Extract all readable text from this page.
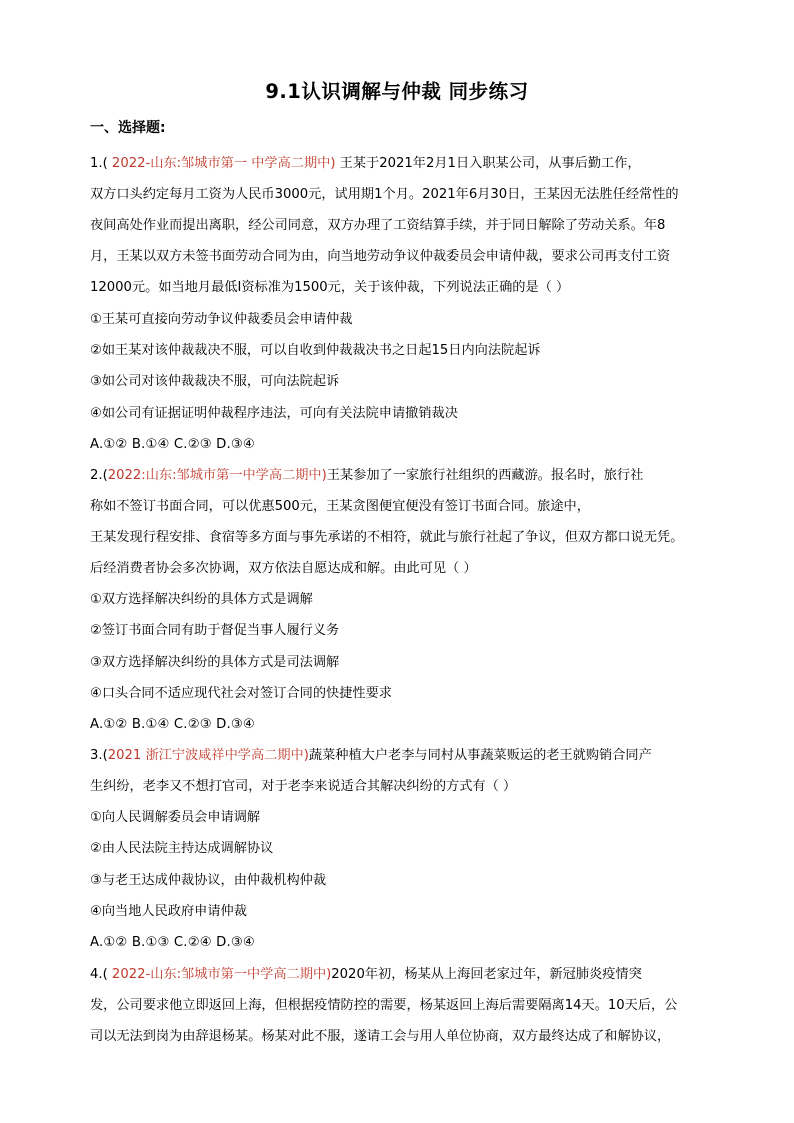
9.1认识调解与仲裁 同步练习
一、选择题:
1.( 2022-山东:邹城市第一 中学高二期中) 王某于2021年2月1日入职某公司，从事后勤工作，
双方口头约定每月工资为人民币3000元，试用期1个月。2021年6月30日，王某因无法胜任经常性的
夜间高处作业而提出离职，经公司同意，双方办理了工资结算手续，并于同日解除了劳动关系。年8
月，王某以双方未签书面劳动合同为由，向当地劳动争议仲裁委员会申请仲裁，要求公司再支付工资
12000元。如当地月最低I资标准为1500元，关于该仲裁，下列说法正确的是（ ）
①王某可直接向劳动争议仲裁委员会申请仲裁
②如王某对该仲裁裁决不服，可以自收到仲裁裁决书之日起15日内向法院起诉
③如公司对该仲裁裁决不服，可向法院起诉
④如公司有证据证明仲裁程序违法，可向有关法院申请撤销裁决
A.①② B.①④ C.②③ D.③④
2.(2022:山东:邹城市第一中学高二期中)王某参加了一家旅行社组织的西藏游。报名时，旅行社
称如不签订书面合同，可以优惠500元，王某贪图便宜便没有签订书面合同。旅途中，
王某发现行程安排、食宿等多方面与事先承诺的不相符，就此与旅行社起了争议，但双方都口说无凭。
后经消费者协会多次协调，双方依法自愿达成和解。由此可见（ ）
①双方选择解决纠纷的具体方式是调解
②签订书面合同有助于督促当事人履行义务
③双方选择解决纠纷的具体方式是司法调解
④口头合同不适应现代社会对签订合同的快捷性要求
A.①② B.①④ C.②③ D.③④
3.(2021 浙江宁波咸祥中学高二期中)蔬菜种植大户老李与同村从事蔬菜贩运的老王就购销合同产
生纠纷，老李又不想打官司，对于老李来说适合其解决纠纷的方式有（ ）
①向人民调解委员会申请调解
②由人民法院主持达成调解协议
③与老王达成仲裁协议，由仲裁机构仲裁
④向当地人民政府申请仲裁
A.①② B.①③ C.②④ D.③④
4.( 2022-山东:邹城市第一中学高二期中)2020年初，杨某从上海回老家过年，新冠肺炎疫情突
发，公司要求他立即返回上海，但根据疫情防控的需要，杨某返回上海后需要隔离14天。10天后，公
司以无法到岗为由辞退杨某。杨某对此不服，遂请工会与用人单位协商，双方最终达成了和解协议，
